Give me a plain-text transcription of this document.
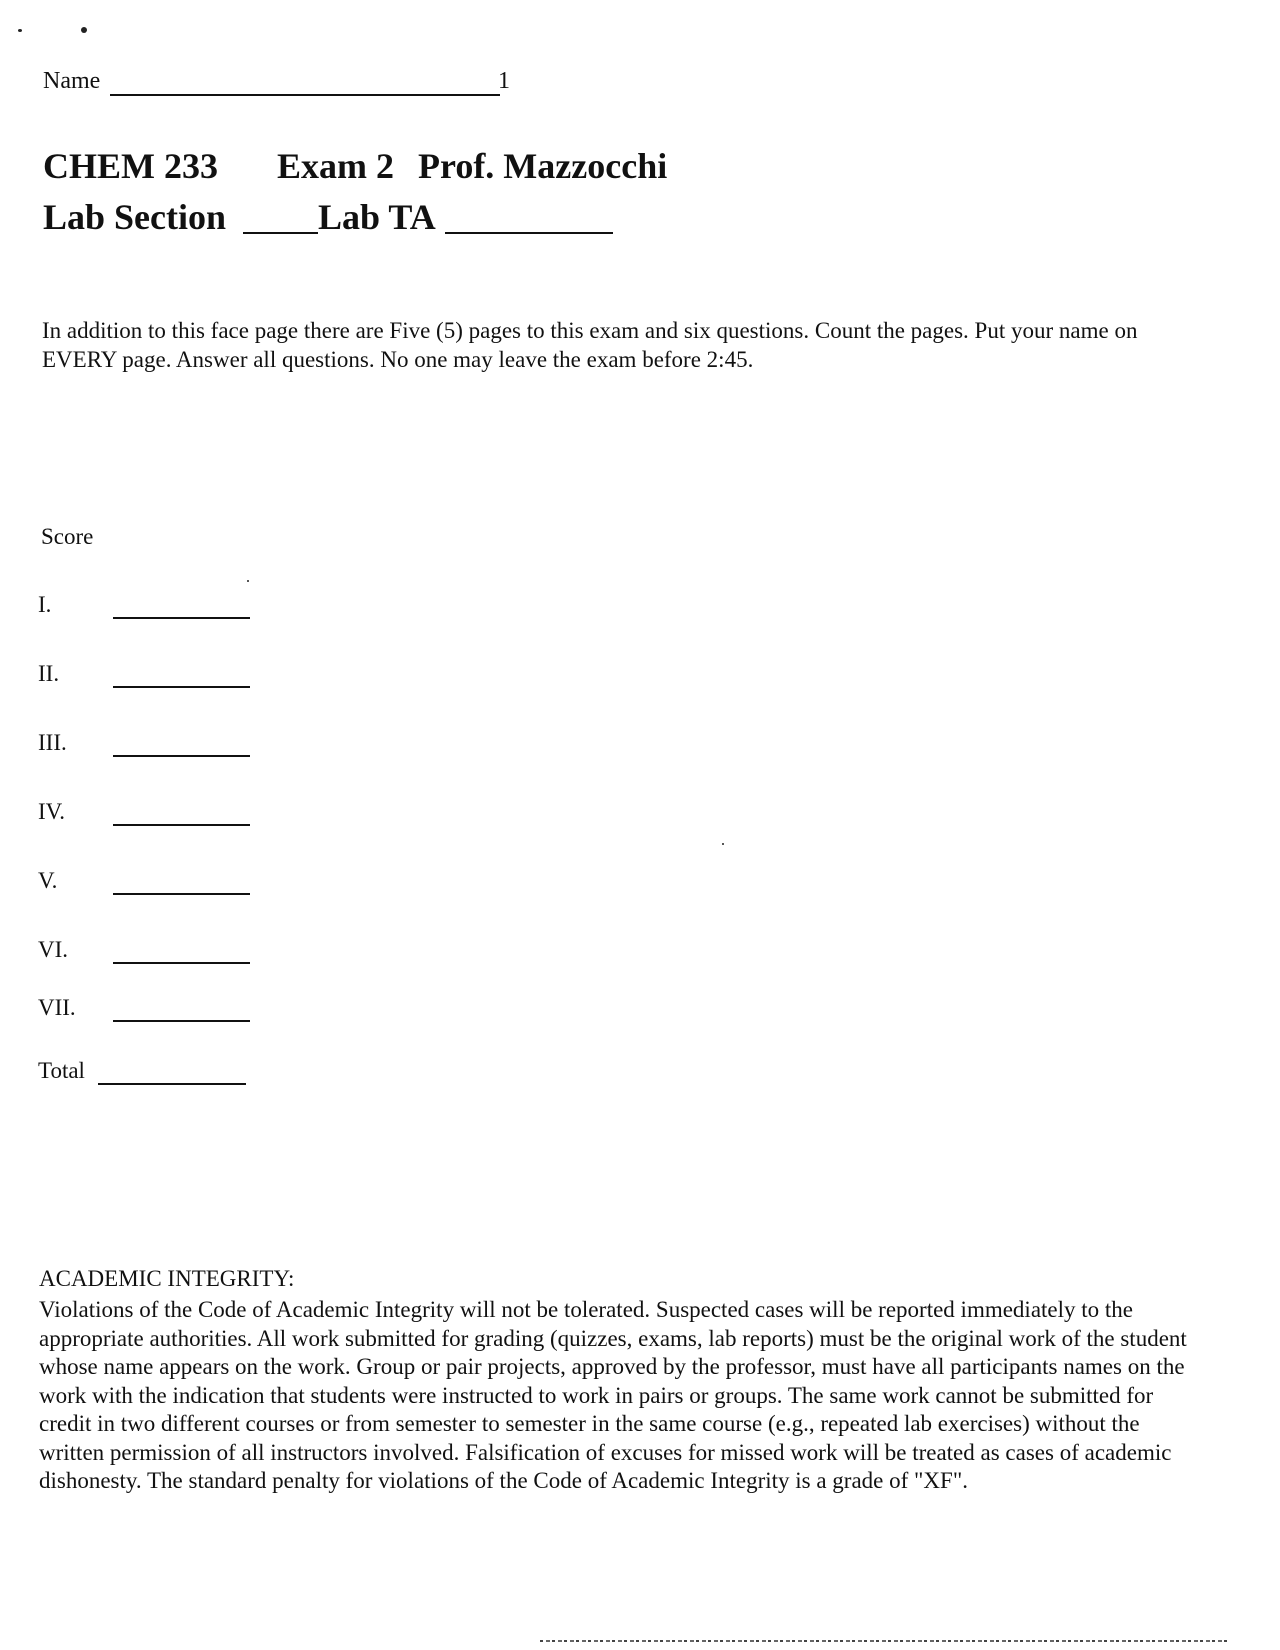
Name	1
CHEM 233 Exam 2 Prof. Mazzocchi
Lab Section	Lab TA
In addition to this face page there are Five (5) pages to this exam and six questions. Count the pages. Put your name on EVERY page. Answer all questions. No one may leave the exam before 2:45.
Score
I.
II.
III.
IV.
V.
VI.
VII.
Total
ACADEMIC INTEGRITY:
Violations of the Code of Academic Integrity will not be tolerated. Suspected cases will be reported immediately to the appropriate authorities. All work submitted for grading (quizzes, exams, lab reports) must be the original work of the student whose name appears on the work. Group or pair projects, approved by the professor, must have all participants names on the work with the indication that students were instructed to work in pairs or groups. The same work cannot be submitted for credit in two different courses or from semester to semester in the same course (e.g., repeated lab exercises) without the written permission of all instructors involved. Falsification of excuses for missed work will be treated as cases of academic dishonesty. The standard penalty for violations of the Code of Academic Integrity is a grade of "XF".
